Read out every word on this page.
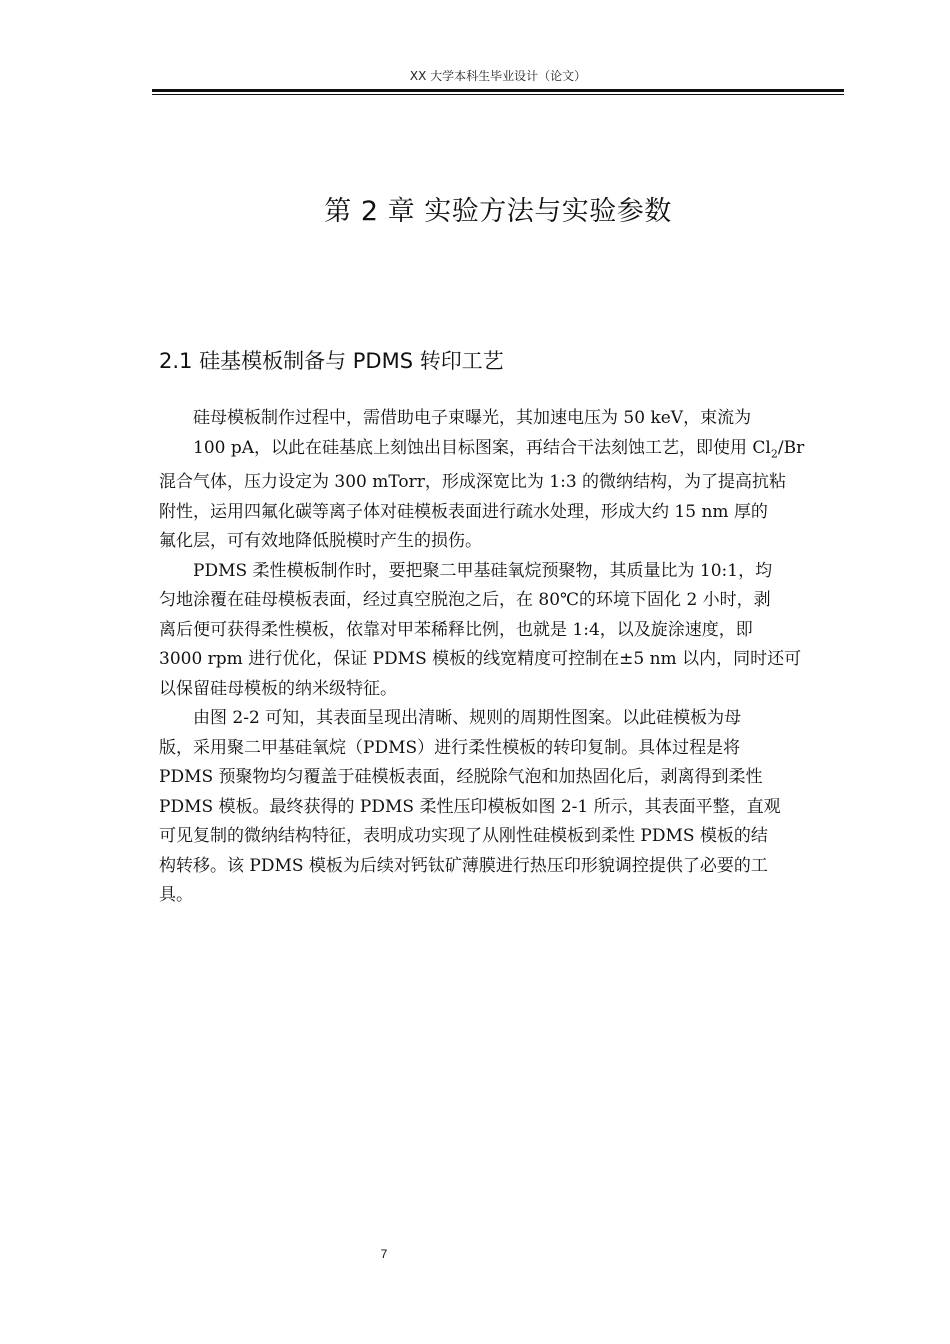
XX 大学本科生毕业设计（论文）
第 2 章 实验方法与实验参数
2.1 硅基模板制备与 PDMS 转印工艺

硅母模板制作过程中，需借助电子束曝光，其加速电压为 50 keV，束流为
100 pA，以此在硅基底上刻蚀出目标图案，再结合干法刻蚀工艺，即使用 $Cl_2/Br$
混合气体，压力设定为 300 mTorr，形成深宽比为 1:3 的微纳结构，为了提高抗粘
附性，运用四氟化碳等离子体对硅模板表面进行疏水处理，形成大约 15 nm 厚的
氟化层，可有效地降低脱模时产生的损伤。

PDMS 柔性模板制作时，要把聚二甲基硅氧烷预聚物，其质量比为 10:1，均
匀地涂覆在硅母模板表面，经过真空脱泡之后，在 80℃的环境下固化 2 小时，剥
离后便可获得柔性模板，依靠对甲苯稀释比例，也就是 1:4，以及旋涂速度，即
3000 rpm 进行优化，保证 PDMS 模板的线宽精度可控制在±5 nm 以内，同时还可
以保留硅母模板的纳米级特征。

由图 2-2 可知，其表面呈现出清晰、规则的周期性图案。以此硅模板为母
版，采用聚二甲基硅氧烷（PDMS）进行柔性模板的转印复制。具体过程是将
PDMS 预聚物均匀覆盖于硅模板表面，经脱除气泡和加热固化后，剥离得到柔性
PDMS 模板。最终获得的 PDMS 柔性压印模板如图 2-1 所示，其表面平整，直观
可见复制的微纳结构特征，表明成功实现了从刚性硅模板到柔性 PDMS 模板的结
构转移。该 PDMS 模板为后续对钙钛矿薄膜进行热压印形貌调控提供了必要的工
具。

7
